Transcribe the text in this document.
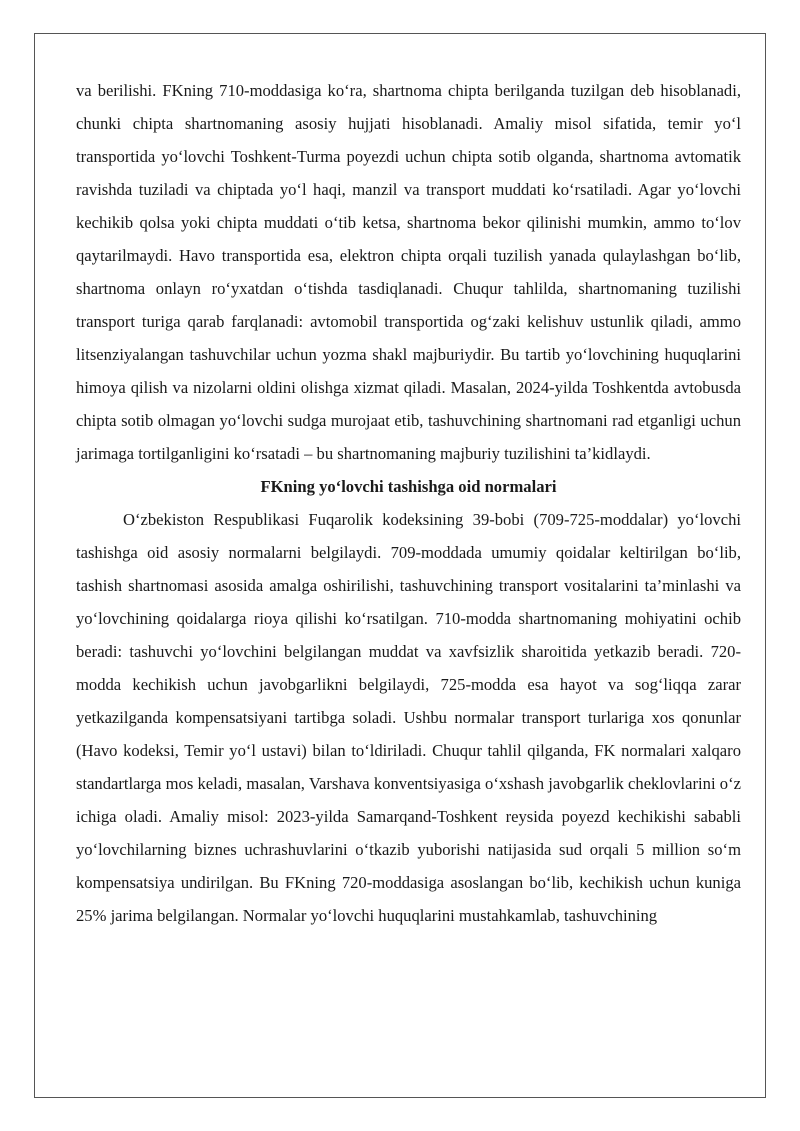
va berilishi. FKning 710-moddasiga koʻra, shartnoma chipta berilganda tuzilgan deb hisoblanadi, chunki chipta shartnomaning asosiy hujjati hisoblanadi. Amaliy misol sifatida, temir yoʻl transportida yoʻlovchi Toshkent-Turma poyezdi uchun chipta sotib olganda, shartnoma avtomatik ravishda tuziladi va chiptada yoʻl haqi, manzil va transport muddati koʻrsatiladi. Agar yoʻlovchi kechikib qolsa yoki chipta muddati oʻtib ketsa, shartnoma bekor qilinishi mumkin, ammo toʻlov qaytarilmaydi. Havo transportida esa, elektron chipta orqali tuzilish yanada qulaylashgan boʻlib, shartnoma onlayn roʻyxatdan oʻtishda tasdiqlanadi. Chuqur tahlilda, shartnomaning tuzilishi transport turiga qarab farqlanadi: avtomobil transportida ogʻzaki kelishuv ustunlik qiladi, ammo litsenziyalangan tashuvchilar uchun yozma shakl majburiydir. Bu tartib yoʻlovchining huquqlarini himoya qilish va nizolarni oldini olishga xizmat qiladi. Masalan, 2024-yilda Toshkentda avtobusda chipta sotib olmagan yoʻlovchi sudga murojaat etib, tashuvchining shartnomani rad etganligi uchun jarimaga tortilganligini koʻrsatadi – bu shartnomaning majburiy tuzilishini ta’kidlaydi.

FKning yoʻlovchi tashishga oid normalari

Oʻzbekiston Respublikasi Fuqarolik kodeksining 39-bobi (709-725-moddalar) yoʻlovchi tashishga oid asosiy normalarni belgilaydi. 709-moddada umumiy qoidalar keltirilgan boʻlib, tashish shartnomasi asosida amalga oshirilishi, tashuvchining transport vositalarini ta’minlashi va yoʻlovchining qoidalarga rioya qilishi koʻrsatilgan. 710-modda shartnomaning mohiyatini ochib beradi: tashuvchi yoʻlovchini belgilangan muddat va xavfsizlik sharoitida yetkazib beradi. 720-modda kechikish uchun javobgarlikni belgilaydi, 725-modda esa hayot va sogʻliqqa zarar yetkazilganda kompensatsiyani tartibga soladi. Ushbu normalar transport turlariga xos qonunlar (Havo kodeksi, Temir yoʻl ustavi) bilan toʻldiriladi. Chuqur tahlil qilganda, FK normalari xalqaro standartlarga mos keladi, masalan, Varshava konventsiyasiga oʻxshash javobgarlik cheklovlarini oʻz ichiga oladi. Amaliy misol: 2023-yilda Samarqand-Toshkent reysida poyezd kechikishi sababli yoʻlovchilarning biznes uchrashuvlarini oʻtkazib yuborishi natijasida sud orqali 5 million soʻm kompensatsiya undirilgan. Bu FKning 720-moddasiga asoslangan boʻlib, kechikish uchun kuniga 25% jarima belgilangan. Normalar yoʻlovchi huquqlarini mustahkamlab, tashuvchining
